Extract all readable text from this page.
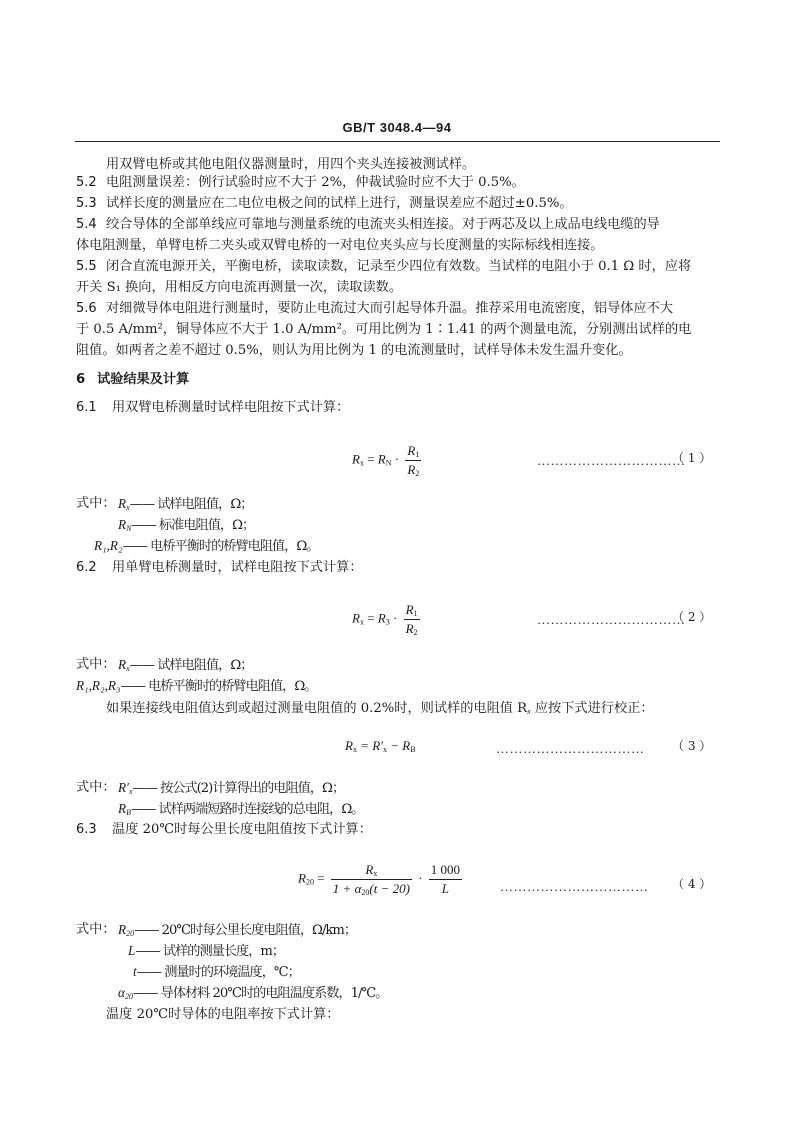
GB/T 3048.4—94
用双臂电桥或其他电阻仪器测量时，用四个夹头连接被测试样。
5.2 电阻测量误差：例行试验时应不大于 2%，仲裁试验时应不大于 0.5%。
5.3 试样长度的测量应在二电位电极之间的试样上进行，测量误差应不超过±0.5%。
5.4 绞合导体的全部单线应可靠地与测量系统的电流夹头相连接。对于两芯及以上成品电线电缆的导
体电阻测量，单臂电桥二夹头或双臂电桥的一对电位夹头应与长度测量的实际标线相连接。
5.5 闭合直流电源开关，平衡电桥，读取读数，记录至少四位有效数。当试样的电阻小于 0.1 Ω 时，应将
开关 S₁ 换向，用相反方向电流再测量一次，读取读数。
5.6 对细微导体电阻进行测量时，要防止电流过大而引起导体升温。推荐采用电流密度，铝导体应不大
于 0.5 A/mm²，铜导体应不大于 1.0 A/mm²。可用比例为 1∶1.41 的两个测量电流，分别测出试样的电
阻值。如两者之差不超过 0.5%，则认为用比例为 1 的电流测量时，试样导体未发生温升变化。
6 试验结果及计算
6.1 用双臂电桥测量时试样电阻按下式计算：
$R_x = R_N \cdot \frac{R_1}{R_2}$	……………………………
（ 1 ）
式中： $R_x——$ 试样电阻值，Ω；
$R_N——$ 标准电阻值，Ω；
R₁,R₂—— 电桥平衡时的桥臂电阻值，Ω。
6.2 用单臂电桥测量时，试样电阻按下式计算：
$R_x = R_3 \cdot \frac{R_1}{R_2}$	……………………………
（ 2 ）
式中： $R_x——$ 试样电阻值，Ω；
R₁,R₂,R₃—— 电桥平衡时的桥臂电阻值，Ω。
如果连接线电阻值达到或超过测量电阻值的 0.2%时，则试样的电阻值 $R_x$ 应按下式进行校正：
$R_x = R'_x - R_B$	…………………………… （ 3 ）
式中： $R'_x——$ 按公式(2)计算得出的电阻值，Ω；
$R_B——$ 试样两端短路时连接线的总电阻，Ω。
6.3 温度 20℃时每公里长度电阻值按下式计算：
$R_{20} = \frac{R_x}{1 + \alpha_{20}(t - 20)} \cdot \frac{1 000}{L}$	…………………………… （ 4 ）
式中： $R_{20}——$ 20℃时每公里长度电阻值，Ω/km；
L—— 试样的测量长度，m；
t—— 测量时的环境温度，℃；
$\alpha_{20}——$ 导体材料 20℃时的电阻温度系数，1/℃。
温度 20℃时导体的电阻率按下式计算：
